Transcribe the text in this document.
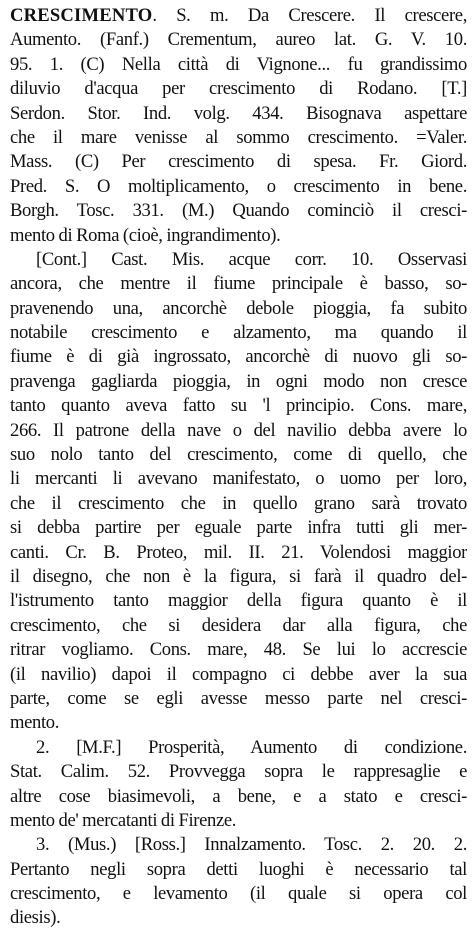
CRESCIMENTO. S. m. Da Crescere. Il crescere,
Aumento. (Fanf.) Crementum, aureo lat. G. V. 10.
95. 1. (C) Nella città di Vignone... fu grandissimo
diluvio d'acqua per crescimento di Rodano. [T.]
Serdon. Stor. Ind. volg. 434. Bisognava aspettare
che il mare venisse al sommo crescimento. =Valer.
Mass. (C) Per crescimento di spesa. Fr. Giord.
Pred. S. O moltiplicamento, o crescimento in bene.
Borgh. Tosc. 331. (M.) Quando cominciò il cresci-
mento di Roma (cioè, ingrandimento).
[Cont.] Cast. Mis. acque corr. 10. Osservasi
ancora, che mentre il fiume principale è basso, so-
pravenendo una, ancorchè debole pioggia, fa subito
notabile crescimento e alzamento, ma quando il
fiume è di già ingrossato, ancorchè di nuovo gli so-
pravenga gagliarda pioggia, in ogni modo non cresce
tanto quanto aveva fatto su 'l principio. Cons. mare,
266. Il patrone della nave o del navilio debba avere lo
suo nolo tanto del crescimento, come di quello, che
li mercanti li avevano manifestato, o uomo per loro,
che il crescimento che in quello grano sarà trovato
si debba partire per eguale parte infra tutti gli mer-
canti. Cr. B. Proteo, mil. II. 21. Volendosi maggior
il disegno, che non è la figura, si farà il quadro del-
l'istrumento tanto maggior della figura quanto è il
crescimento, che si desidera dar alla figura, che
ritrar vogliamo. Cons. mare, 48. Se lui lo accrescie
(il navilio) dapoi il compagno ci debbe aver la sua
parte, come se egli avesse messo parte nel cresci-
mento.
2. [M.F.] Prosperità, Aumento di condizione.
Stat. Calim. 52. Provvegga sopra le rappresaglie e
altre cose biasimevoli, a bene, e a stato e cresci-
mento de' mercatanti di Firenze.
3. (Mus.) [Ross.] Innalzamento. Tosc. 2. 20. 2.
Pertanto negli sopra detti luoghi è necessario tal
crescimento, e levamento (il quale si opera col
diesis).
